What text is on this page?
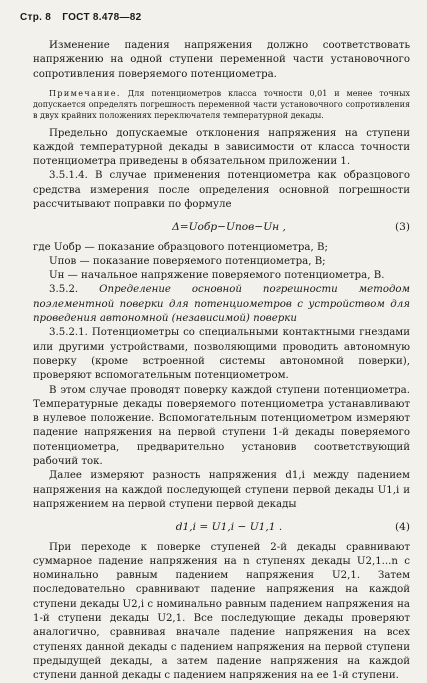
Стр. 8 ГОСТ 8.478—82

Изменение падения напряжения должно соответствовать напряжению на одной ступени переменной части установочного сопротивления поверяемого потенциометра.

Примечание. Для потенциометров класса точности 0,01 и менее точных допускается определять погрешность переменной части установочного сопротивления в двух крайних положениях переключателя температурной декады.

Предельно допускаемые отклонения напряжения на ступени каждой температурной декады в зависимости от класса точности потенциометра приведены в обязательном приложении 1.

3.5.1.4. В случае применения потенциометра как образцового средства измерения после определения основной погрешности рассчитывают поправки по формуле

Δ=Uобр−Uпов−Uн ,	(3)
где Uобр — показание образцового потенциометра, В;
Uпов — показание поверяемого потенциометра, В;
Uн — начальное напряжение поверяемого потенциометра, В.

3.5.2. Определение основной погрешности методом поэлементной поверки для потенциометров с устройством для проведения автономной (независимой) поверки

3.5.2.1. Потенциометры со специальными контактными гнездами или другими устройствами, позволяющими проводить автономную поверку (кроме встроенной системы автономной поверки), проверяют вспомогательным потенциометром.

В этом случае проводят поверку каждой ступени потенциометра. Температурные декады поверяемого потенциометра устанавливают в нулевое положение. Вспомогательным потенциометром измеряют падение напряжения на первой ступени 1-й декады поверяемого потенциометра, предварительно установив соответствующий рабочий ток.

Далее измеряют разность напряжения d1,i между падением напряжения на каждой последующей ступени первой декады U1,i и напряжением на первой ступени первой декады

d1,i = U1,i − U1,1 .	(4)

При переходе к поверке ступеней 2-й декады сравнивают суммарное падение напряжения на n ступенях декады U2,1...n с номинально равным падением напряжения U2,1. Затем последовательно сравнивают падение напряжения на каждой ступени декады U2,i с номинально равным падением напряжения на 1-й ступени декады U2,1. Все последующие декады проверяют аналогично, сравнивая вначале падение напряжения на всех ступенях данной декады с падением напряжения на первой ступени предыдущей декады, а затем падение напряжения на каждой ступени данной декады с падением напряжения на ее 1-й ступени.
